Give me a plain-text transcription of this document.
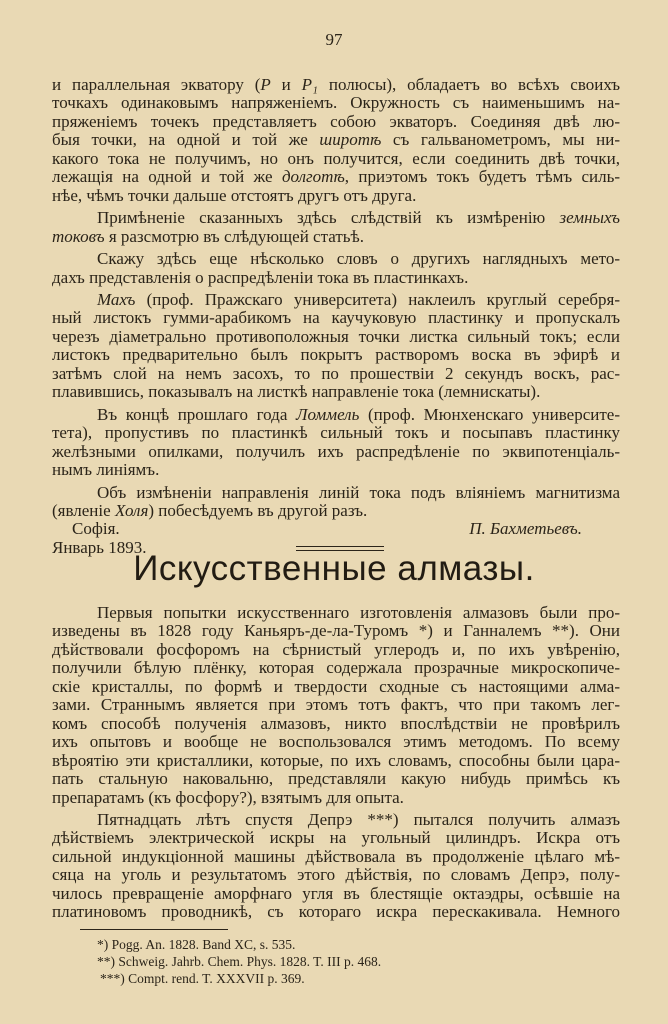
97
и параллельная экватору (P и P₁ полюсы), обладаетъ во всѣхъ своихъ
точкахъ одинаковымъ напряженіемъ. Окружность съ наименьшимъ на-
пряженіемъ точекъ представляетъ собою экваторъ. Соединяя двѣ лю-
быя точки, на одной и той же широтѣ съ гальванометромъ, мы ни-
какого тока не получимъ, но онъ получится, если соединить двѣ точки,
лежащія на одной и той же долготѣ, приэтомъ токъ будетъ тѣмъ силь-
нѣе, чѣмъ точки дальше отстоятъ другъ отъ друга.
Примѣненіе сказанныхъ здѣсь слѣдствій къ измѣренію земныхъ
токовъ я разсмотрю въ слѣдующей статьѣ.
Скажу здѣсь еще нѣсколько словъ о другихъ наглядныхъ мето-
дахъ представленія о распредѣленіи тока въ пластинкахъ.
Махъ (проф. Пражскаго университета) наклеилъ круглый серебря-
ный листокъ гумми-арабикомъ на каучуковую пластинку и пропускалъ
черезъ діаметрально противоположныя точки листка сильный токъ; если
листокъ предварительно былъ покрытъ растворомъ воска въ эфирѣ и
затѣмъ слой на немъ засохъ, то по прошествіи 2 секундъ воскъ, рас-
плавившись, показывалъ на листкѣ направленіе тока (лемнискаты).
Въ концѣ прошлаго года Ломмель (проф. Мюнхенскаго университе-
тета), пропустивъ по пластинкѣ сильный токъ и посыпавъ пластинку
желѣзными опилками, получилъ ихъ распредѣленіе по эквипотенціаль-
нымъ линіямъ.
Объ измѣненіи направленія линій тока подъ вліяніемъ магнитизма
(явленіе Холя) побесѣдуемъ въ другой разъ.
Софія.	П. Бахметьевъ.
Январь 1893.
Искусственные алмазы.
Первыя попытки искусственнаго изготовленія алмазовъ были про-
изведены въ 1828 году Каньяръ-де-ла-Туромъ *) и Ганналемъ **). Они
дѣйствовали фосфоромъ на сѣрнистый углеродъ и, по ихъ увѣренію,
получили бѣлую плёнку, которая содержала прозрачные микроскопиче-
скіе кристаллы, по формѣ и твердости сходные съ настоящими алма-
зами. Страннымъ является при этомъ тотъ фактъ, что при такомъ лег-
комъ способѣ полученія алмазовъ, никто впослѣдствіи не провѣрилъ
ихъ опытовъ и вообще не воспользовался этимъ методомъ. По всему
вѣроятію эти кристаллики, которые, по ихъ словамъ, способны были цара-
пать стальную наковальню, представляли какую нибудь примѣсь къ
препаратамъ (къ фосфору?), взятымъ для опыта.
Пятнадцать лѣтъ спустя Депрэ ***) пытался получить алмазъ
дѣйствіемъ электрической искры на угольный цилиндръ. Искра отъ
сильной индукціонной машины дѣйствовала въ продолженіе цѣлаго мѣ-
сяца на уголь и результатомъ этого дѣйствія, по словамъ Депрэ, полу-
чилось превращеніе аморфнаго угля въ блестящіе октаэдры, осѣвшіе на
платиновомъ проводникѣ, съ котораго искра перескакивала. Немного
*) Pogg. An. 1828. Band XC, s. 535.
**) Schweig. Jahrb. Chem. Phys. 1828. T. III p. 468.
***) Compt. rend. T. XXXVII p. 369.
